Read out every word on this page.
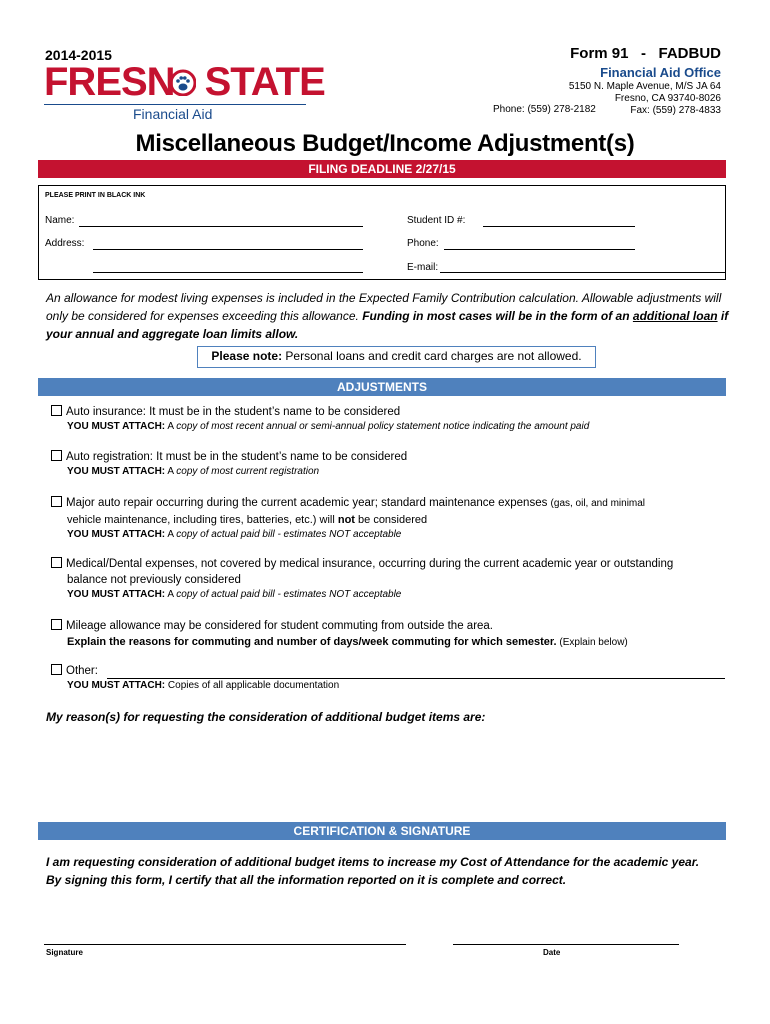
2014-2015
FRESN STATE
Financial Aid
Form 91   -   FADBUD
Financial Aid Office
5150 N. Maple Avenue, M/S JA 64
Fresno, CA 93740-8026
Phone: (559) 278-2182	Fax: (559) 278-4833
Miscellaneous Budget/Income Adjustment(s)
FILING DEADLINE 2/27/15
PLEASE PRINT IN BLACK INK
Name:	Student ID #:
Address:	Phone:
E-mail:
An allowance for modest living expenses is included in the Expected Family Contribution calculation. Allowable adjustments will only be considered for expenses exceeding this allowance. Funding in most cases will be in the form of an additional loan if your annual and aggregate loan limits allow.
Please note: Personal loans and credit card charges are not allowed.
ADJUSTMENTS
Auto insurance: It must be in the student’s name to be considered
YOU MUST ATTACH: A copy of most recent annual or semi-annual policy statement notice indicating the amount paid
Auto registration: It must be in the student’s name to be considered
YOU MUST ATTACH: A copy of most current registration
Major auto repair occurring during the current academic year; standard maintenance expenses (gas, oil, and minimal
vehicle maintenance, including tires, batteries, etc.) will not be considered
YOU MUST ATTACH: A copy of actual paid bill - estimates NOT acceptable
Medical/Dental expenses, not covered by medical insurance, occurring during the current academic year or outstanding
balance not previously considered
YOU MUST ATTACH: A copy of actual paid bill - estimates NOT acceptable
Mileage allowance may be considered for student commuting from outside the area.
Explain the reasons for commuting and number of days/week commuting for which semester. (Explain below)
Other:
YOU MUST ATTACH: Copies of all applicable documentation
My reason(s) for requesting the consideration of additional budget items are:
CERTIFICATION & SIGNATURE
I am requesting consideration of additional budget items to increase my Cost of Attendance for the academic year.
By signing this form, I certify that all the information reported on it is complete and correct.
Signature	Date
